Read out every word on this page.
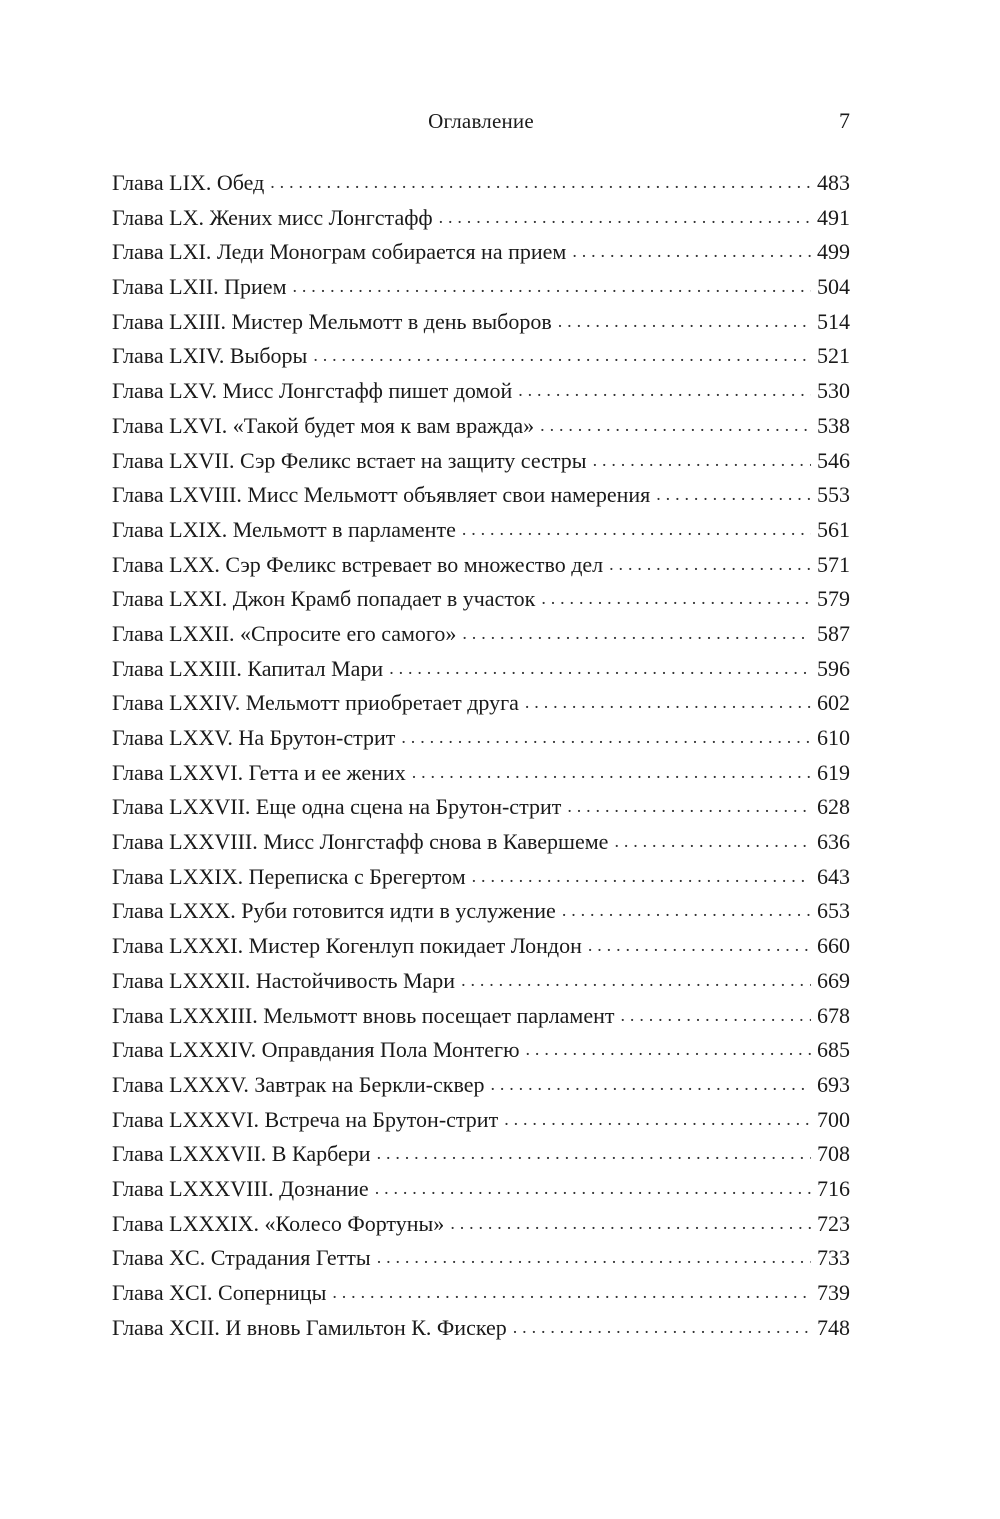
Оглавление	7
Глава LIX. Обед . . .	483
Глава LX. Жених мисс Лонгстафф . . .	491
Глава LXI. Леди Монограм собирается на прием . . .	499
Глава LXII. Прием . . .	504
Глава LXIII. Мистер Мельмотт в день выборов . . .	514
Глава LXIV. Выборы . . .	521
Глава LXV. Мисс Лонгстафф пишет домой . . .	530
Глава LXVI. «Такой будет моя к вам вражда» . . .	538
Глава LXVII. Сэр Феликс встает на защиту сестры . . .	546
Глава LXVIII. Мисс Мельмотт объявляет свои намерения . . .	553
Глава LXIX. Мельмотт в парламенте . . .	561
Глава LXX. Сэр Феликс встревает во множество дел . . .	571
Глава LXXI. Джон Крамб попадает в участок . . .	579
Глава LXXII. «Спросите его самого» . . .	587
Глава LXXIII. Капитал Мари . . .	596
Глава LXXIV. Мельмотт приобретает друга . . .	602
Глава LXXV. На Брутон-стрит . . .	610
Глава LXXVI. Гетта и ее жених . . .	619
Глава LXXVII. Еще одна сцена на Брутон-стрит . . .	628
Глава LXXVIII. Мисс Лонгстафф снова в Кавершеме . . .	636
Глава LXXIX. Переписка с Брегертом . . .	643
Глава LXXX. Руби готовится идти в услужение . . .	653
Глава LXXXI. Мистер Когенлуп покидает Лондон . . .	660
Глава LXXXII. Настойчивость Мари . . .	669
Глава LXXXIII. Мельмотт вновь посещает парламент . . .	678
Глава LXXXIV. Оправдания Пола Монтегю . . .	685
Глава LXXXV. Завтрак на Беркли-сквер . . .	693
Глава LXXXVI. Встреча на Брутон-стрит . . .	700
Глава LXXXVII. В Карбери . . .	708
Глава LXXXVIII. Дознание . . .	716
Глава LXXXIX. «Колесо Фортуны» . . .	723
Глава XC. Страдания Гетты . . .	733
Глава XCI. Соперницы . . .	739
Глава XCII. И вновь Гамильтон К. Фискер . . .	748
